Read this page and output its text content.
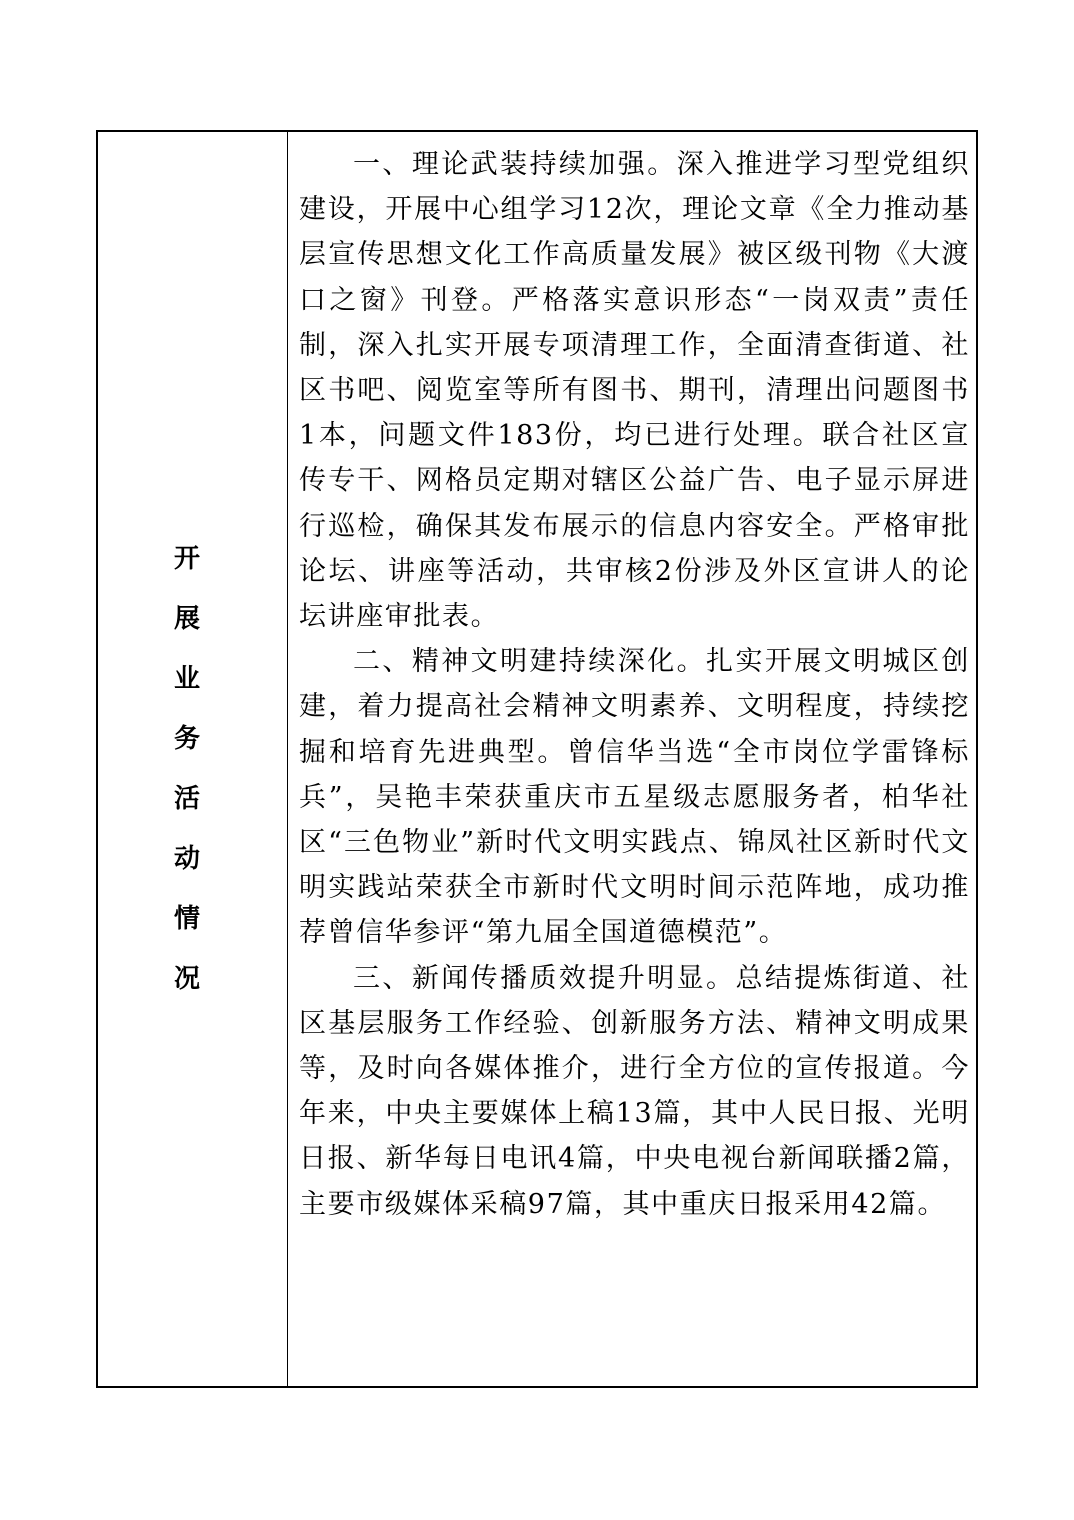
开展业务活动情况

一、理论武装持续加强。深入推进学习型党组织建设，开展中心组学习12次，理论文章《全力推动基层宣传思想文化工作高质量发展》被区级刊物《大渡口之窗》刊登。严格落实意识形态“一岗双责”责任制，深入扎实开展专项清理工作，全面清查街道、社区书吧、阅览室等所有图书、期刊，清理出问题图书1本，问题文件183份，均已进行处理。联合社区宣传专干、网格员定期对辖区公益广告、电子显示屏进行巡检，确保其发布展示的信息内容安全。严格审批论坛、讲座等活动，共审核2份涉及外区宣讲人的论坛讲座审批表。

二、精神文明建持续深化。扎实开展文明城区创建，着力提高社会精神文明素养、文明程度，持续挖掘和培育先进典型。曾信华当选“全市岗位学雷锋标兵”，吴艳丰荣获重庆市五星级志愿服务者，柏华社区“三色物业”新时代文明实践点、锦凤社区新时代文明实践站荣获全市新时代文明时间示范阵地，成功推荐曾信华参评“第九届全国道德模范”。

三、新闻传播质效提升明显。总结提炼街道、社区基层服务工作经验、创新服务方法、精神文明成果等，及时向各媒体推介，进行全方位的宣传报道。今年来，中央主要媒体上稿13篇，其中人民日报、光明日报、新华每日电讯4篇，中央电视台新闻联播2篇，主要市级媒体采稿97篇，其中重庆日报采用42篇。
